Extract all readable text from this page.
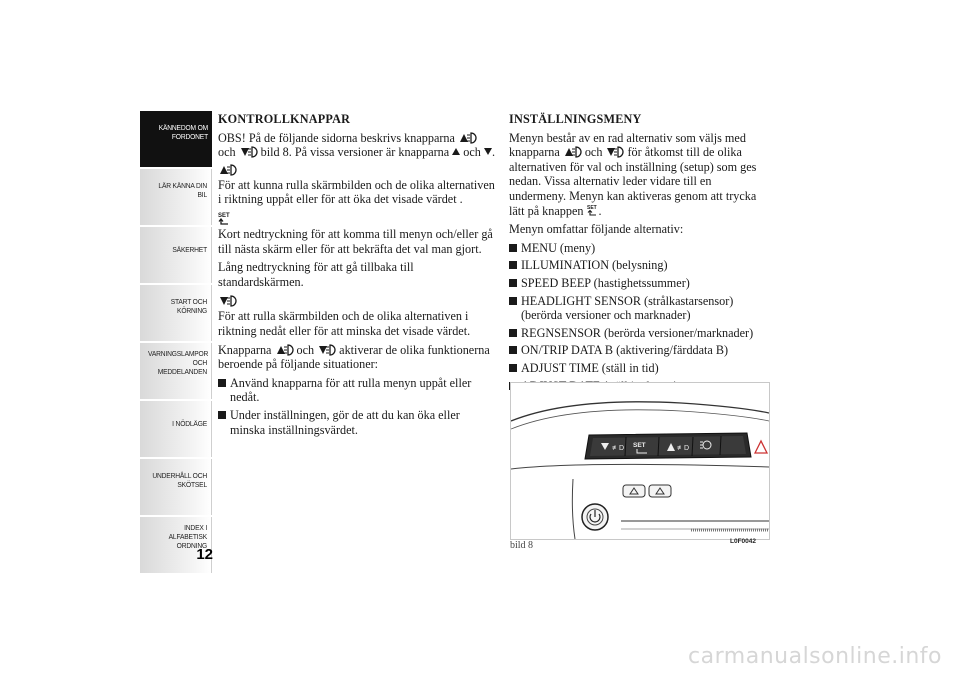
KÄNNEDOM OM
FORDONET
LÄR KÄNNA DIN
BIL
SÄKERHET
START OCH
KÖRNING
VARNINGSLAMPOR
OCH
MEDDELANDEN
I NÖDLÄGE
UNDERHÅLL OCH
SKÖTSEL
INDEX I
ALFABETISK
ORDNING
12
KONTROLLKNAPPAR
OBS! På de följande sidorna beskrivs knapparna
och bild 8. På vissa versioner är knapparna och .
För att kunna rulla skärmbilden och de olika alternativen i riktning uppåt eller för att öka det visade värdet .
SET
Kort nedtryckning för att komma till menyn och/eller gå till nästa skärm eller för att bekräfta det val man gjort.
Lång nedtryckning för att gå tillbaka till standardskärmen.
För att rulla skärmbilden och de olika alternativen i riktning nedåt eller för att minska det visade värdet.
Knapparna och aktiverar de olika funktionerna beroende på följande situationer:
Använd knapparna för att rulla menyn uppåt eller nedåt.
Under inställningen, gör de att du kan öka eller minska inställningsvärdet.
INSTÄLLNINGSMENY
Menyn består av en rad alternativ som väljs med knapparna och för åtkomst till de olika alternativen för val och inställning (setup) som ges nedan. Vissa alternativ leder vidare till en undermeny. Menyn kan aktiveras genom att trycka lätt på knappen SET .
Menyn omfattar följande alternativ:
MENU (meny)
ILLUMINATION (belysning)
SPEED BEEP (hastighetssummer)
HEADLIGHT SENSOR (strålkastarsensor) (berörda versioner och marknader)
REGNSENSOR (berörda versioner/marknader)
ON/TRIP DATA B (aktivering/färddata B)
ADJUST TIME (ställ in tid)
≢D SET	≢D
bild 8	L0F0042
carmanualsonline.info
